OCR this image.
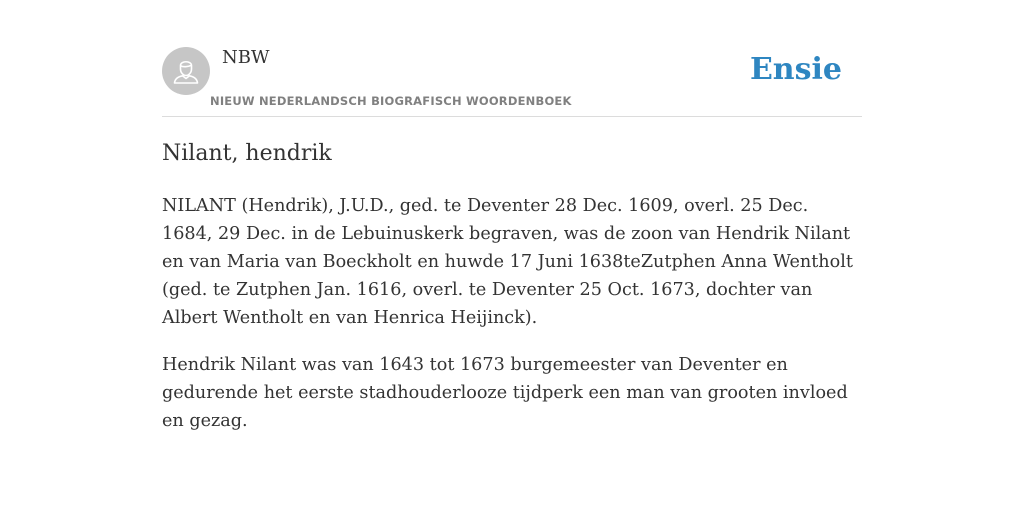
NBW
NIEUW NEDERLANDSCH BIOGRAFISCH WOORDENBOEK
Ensie
Nilant, hendrik

NILANT (Hendrik), J.U.D., ged. te Deventer 28 Dec. 1609, overl. 25 Dec. 1684, 29 Dec. in de Lebuinuskerk begraven, was de zoon van Hendrik Nilant en van Maria van Boeckholt en huwde 17 Juni 1638teZutphen Anna Wentholt (ged. te Zutphen Jan. 1616, overl. te Deventer 25 Oct. 1673, dochter van Albert Wentholt en van Henrica Heijinck).

Hendrik Nilant was van 1643 tot 1673 burgemeester van Deventer en gedurende het eerste stadhouderlooze tijdperk een man van grooten invloed en gezag.
